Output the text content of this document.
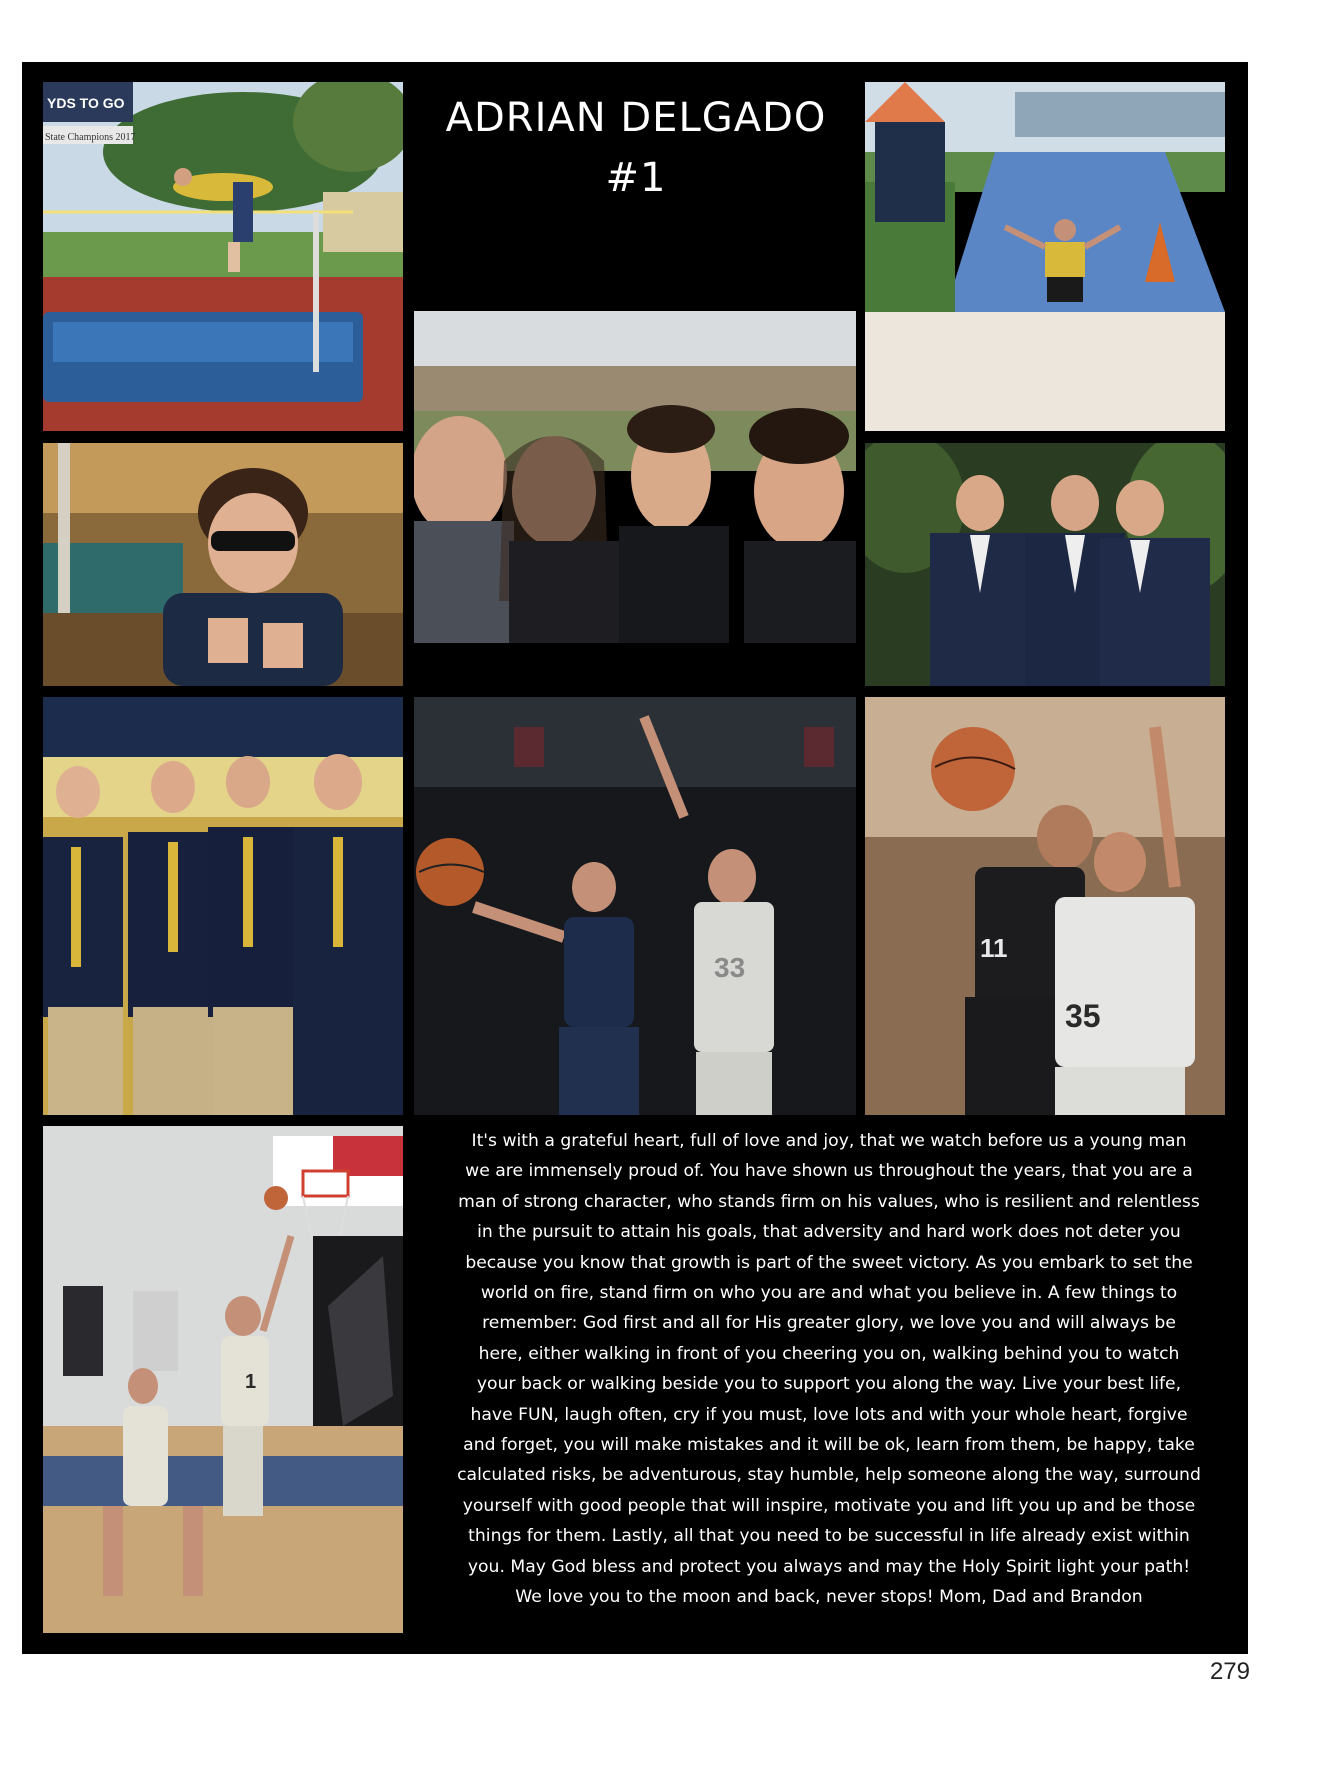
YDS TO GO
State Champions 2017
33
11
35
1
ADRIAN DELGADO
#1
It's with a grateful heart, full of love and joy, that we watch before us a young man
we are immensely proud of. You have shown us throughout the years, that you are a
man of strong character, who stands firm on his values, who is resilient and relentless
in the pursuit to attain his goals, that adversity and hard work does not deter you
because you know that growth is part of the sweet victory. As you embark to set the
world on fire, stand firm on who you are and what you believe in. A few things to
remember: God first and all for His greater glory, we love you and will always be
here, either walking in front of you cheering you on, walking behind you to watch
your back or walking beside you to support you along the way. Live your best life,
have FUN, laugh often, cry if you must, love lots and with your whole heart, forgive
and forget, you will make mistakes and it will be ok, learn from them, be happy, take
calculated risks, be adventurous, stay humble, help someone along the way, surround
yourself with good people that will inspire, motivate you and lift you up and be those
things for them. Lastly, all that you need to be successful in life already exist within
you. May God bless and protect you always and may the Holy Spirit light your path!
We love you to the moon and back, never stops! Mom, Dad and Brandon
279
